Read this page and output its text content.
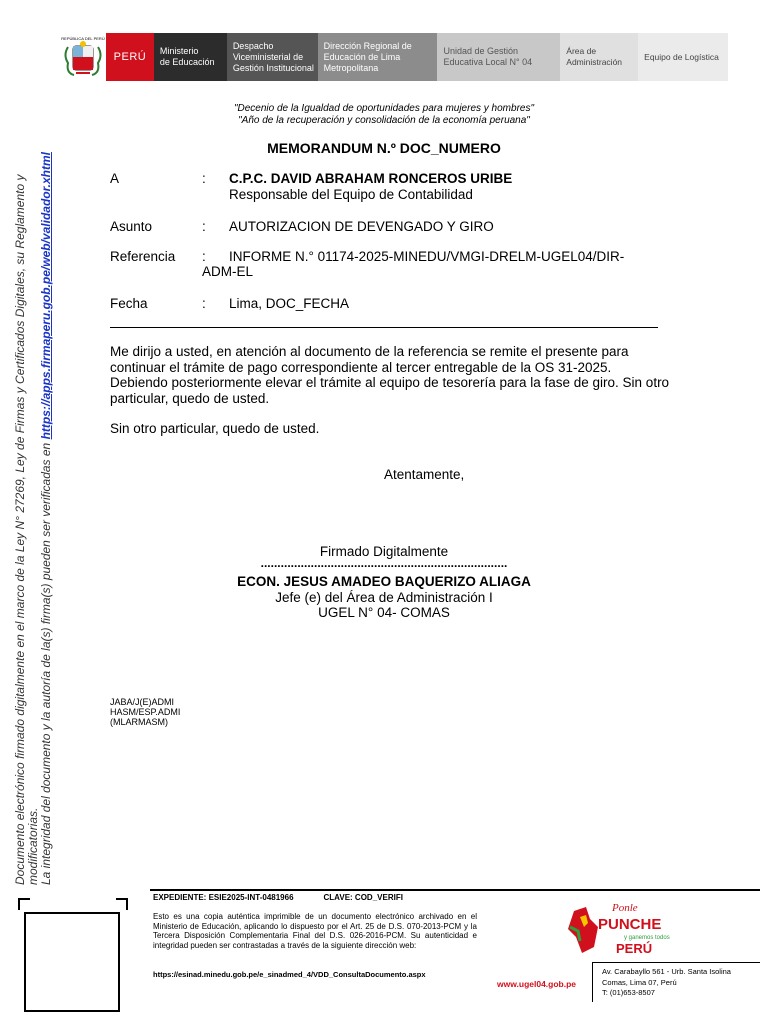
REPÚBLICA DEL PERÚ
PERÚ	Ministerio
de Educación
Despacho
Viceministerial de
Gestión Institucional
Dirección Regional de
Educación de Lima
Metropolitana
Unidad de Gestión
Educativa Local N° 04
Área de
Administración
Equipo de Logística
"Decenio de la Igualdad de oportunidades para mujeres y hombres"
"Año de la recuperación y consolidación de la economía peruana"
MEMORANDUM N.º DOC_NUMERO
A	: C.P.C. DAVID ABRAHAM RONCEROS URIBE
Responsable del Equipo de Contabilidad
Asunto	: AUTORIZACION DE DEVENGADO Y GIRO
Referencia	: INFORME N.° 01174-2025-MINEDU/VMGI-DRELM-UGEL04/DIR-
ADM-EL
Fecha	: Lima, DOC_FECHA
Me dirijo a usted, en atención al documento de la referencia se remite el presente para continuar el trámite de pago correspondiente al tercer entregable de la OS 31-2025. Debiendo posteriormente elevar el trámite al equipo de tesorería para la fase de giro. Sin otro particular, quedo de usted.
Sin otro particular, quedo de usted.
Atentamente,
Firmado Digitalmente
..........................................................................
ECON. JESUS AMADEO BAQUERIZO ALIAGA
Jefe (e) del Área de Administración I
UGEL N° 04- COMAS
JABA/J(E)ADMI
HASM/ESP.ADMI
(MLARMASM)
Documento electrónico firmado digitalmente en el marco de la Ley N° 27269, Ley de Firmas y Certificados Digitales, su Reglamento y modificatorias. La integridad del documento y la autoría de la(s) firma(s) pueden ser verificadas en https://apps.firmaperu.gob.pe/web/validador.xhtml
EXPEDIENTE: ESIE2025-INT-0481966	CLAVE: COD_VERIFI
Esto es una copia auténtica imprimible de un documento electrónico archivado en el Ministerio de Educación, aplicando lo dispuesto por el Art. 25 de D.S. 070-2013-PCM y la Tercera Disposición Complementaria Final del D.S. 026-2016-PCM. Su autenticidad e integridad pueden ser contrastadas a través de la siguiente dirección web:
https://esinad.minedu.gob.pe/e_sinadmed_4/VDD_ConsultaDocumento.aspx
Ponle
PUNCHE
y ganemos todos
PERÚ
www.ugel04.gob.pe
Av. Carabayllo 561 - Urb. Santa Isolina
Comas, Lima 07, Perú
T: (01)653-8507
